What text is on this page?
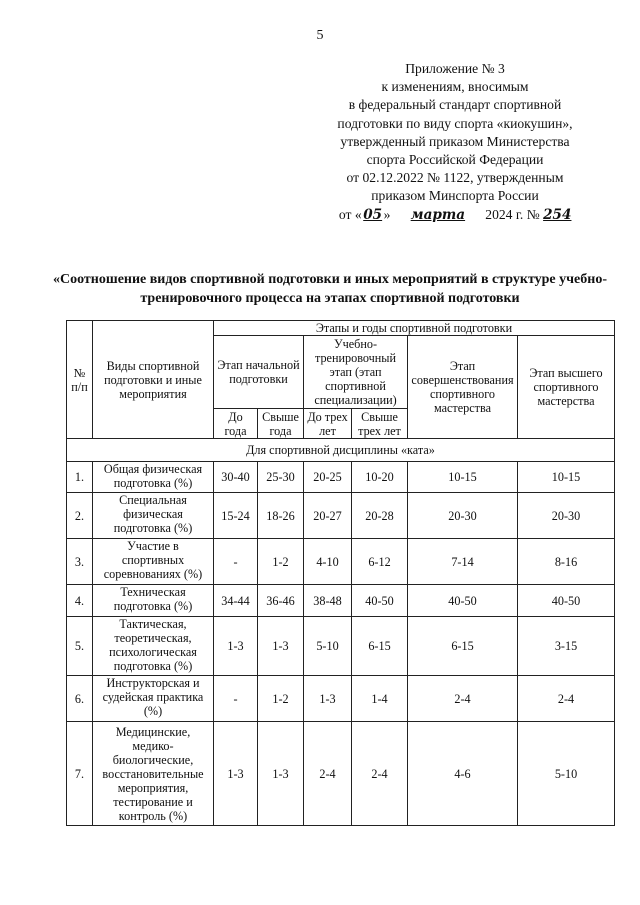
5
Приложение № 3
к изменениям, вносимым
в федеральный стандарт спортивной
подготовки по виду спорта «киокушин»,
утвержденный приказом Министерства
спорта Российской Федерации
от 02.12.2022 № 1122, утвержденным
приказом Минспорта России
от « 05 » марта 2024 г. № 254
«Соотношение видов спортивной подготовки и иных мероприятий в структуре учебно-тренировочного процесса на этапах спортивной подготовки
№ п/п	Виды спортивной подготовки и иные мероприятия	Этапы и годы спортивной подготовки					
		Этап начальной подготовки		Учебно-тренировочный этап (этап спортивной специализации)		Этап совершенствования спортивного мастерства	Этап высшего спортивного мастерства
		До года	Свыше года	До трех лет	Свыше трех лет		
Для спортивной дисциплины «ката»							
1.	Общая физическая подготовка (%)	30-40	25-30	20-25	10-20	10-15	10-15
2.	Специальная физическая подготовка (%)	15-24	18-26	20-27	20-28	20-30	20-30
3.	Участие в спортивных соревнованиях (%)	-	1-2	4-10	6-12	7-14	8-16
4.	Техническая подготовка (%)	34-44	36-46	38-48	40-50	40-50	40-50
5.	Тактическая, теоретическая, психологическая подготовка (%)	1-3	1-3	5-10	6-15	6-15	3-15
6.	Инструкторская и судейская практика (%)	-	1-2	1-3	1-4	2-4	2-4
7.	Медицинские, медико-биологические, восстановительные мероприятия, тестирование и контроль (%)	1-3	1-3	2-4	2-4	4-6	5-10
